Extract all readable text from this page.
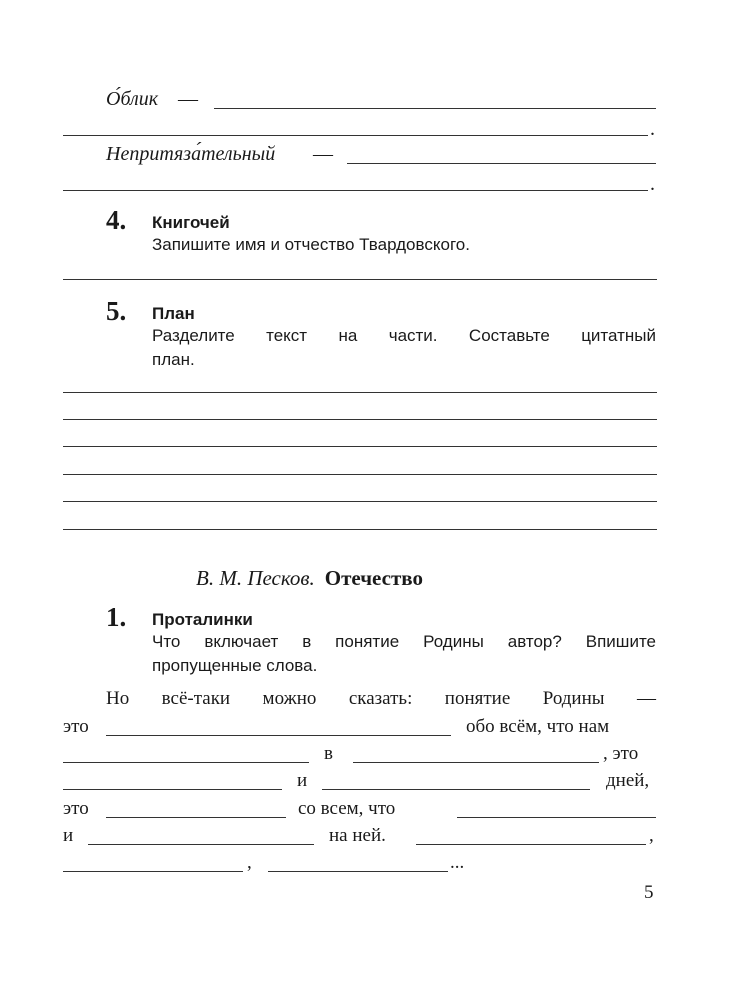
О́блик —
.
Непритяза́тельный —
.
4. Книгочей
Запишите имя и отчество Твардовского.
5. План
Разделите текст на части. Составьте цитатный
план.
В. М. Песков. Отечество
1. Проталинки
Что включает в понятие Родины автор? Впишите
пропущенные слова.
Но всё-таки можно сказать: понятие Родины —
это	обо всём, что нам
в	, это
и	дней,
это	со всем, что
и	на ней.	,
,	...
5
